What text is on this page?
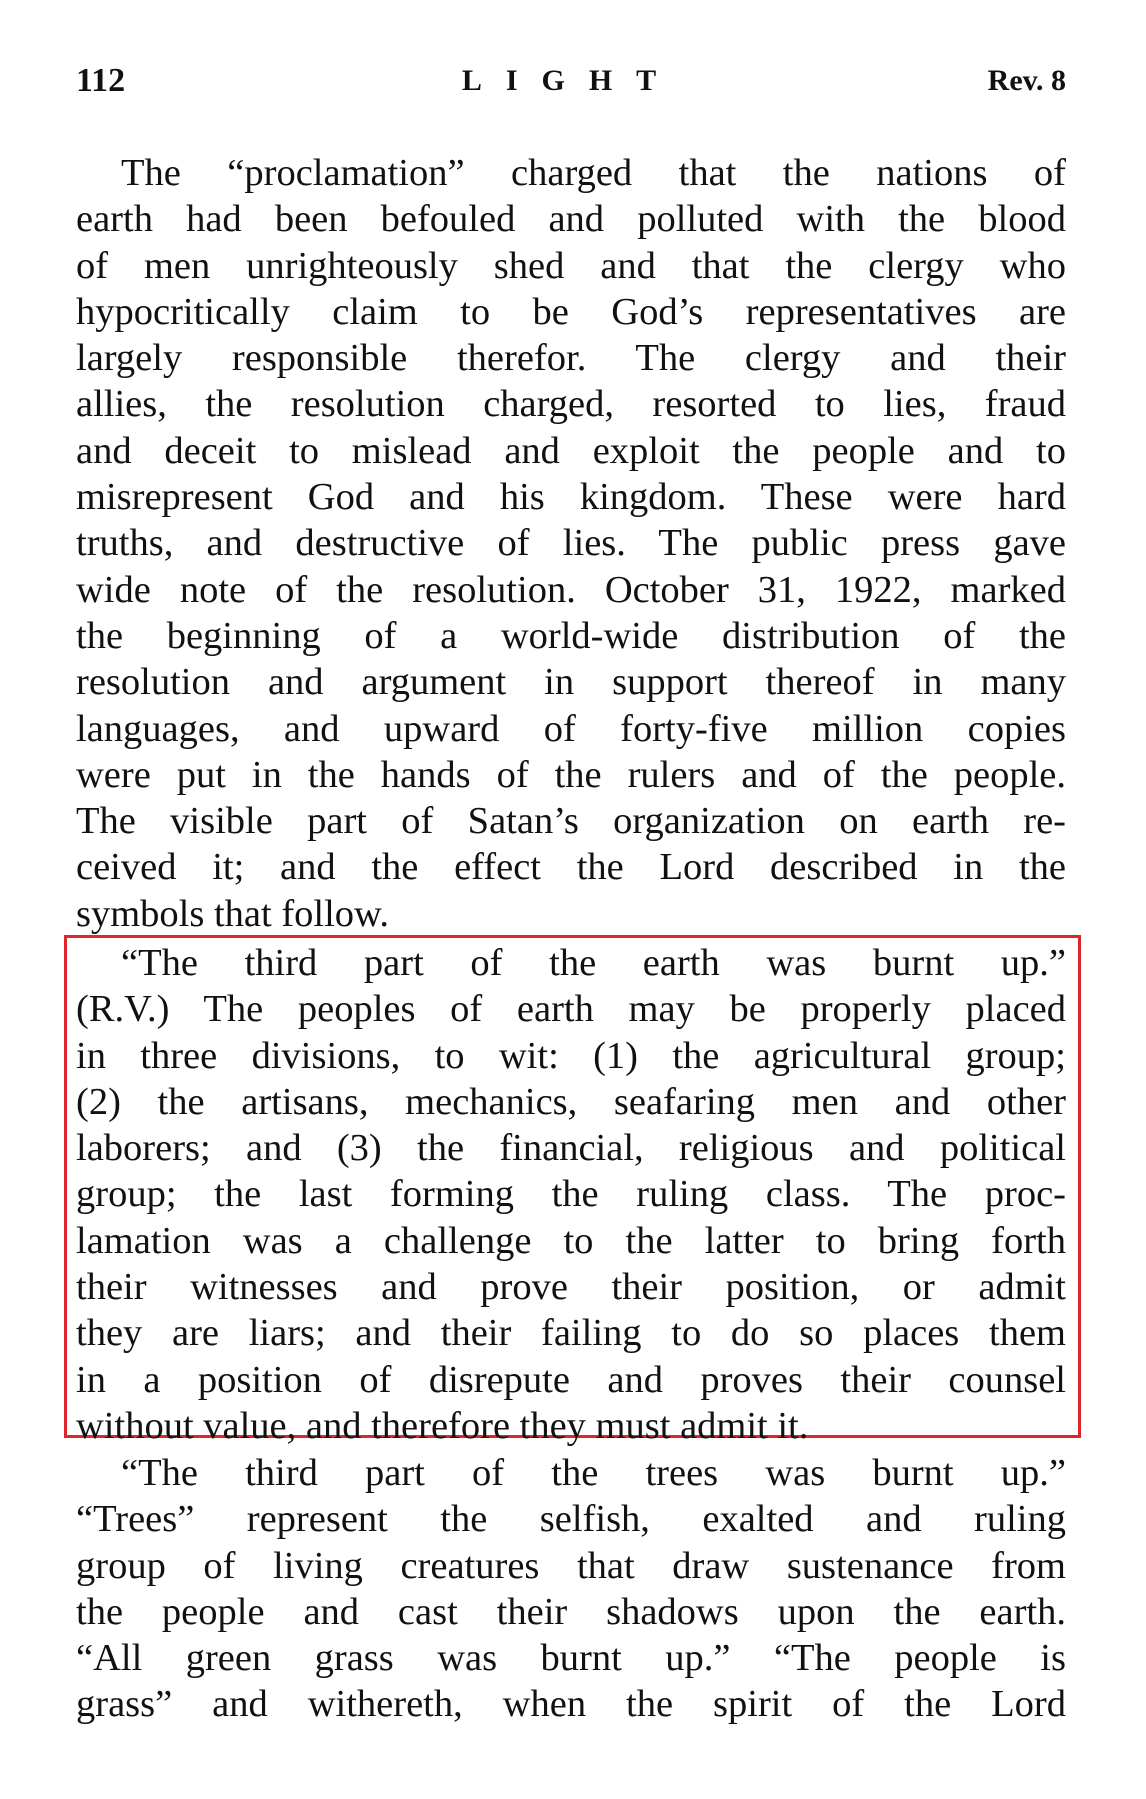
112	LIGHT	Rev. 8
The “proclamation” charged that the nations of
earth had been befouled and polluted with the blood
of men unrighteously shed and that the clergy who
hypocritically claim to be God’s representatives are
largely responsible therefor. The clergy and their
allies, the resolution charged, resorted to lies, fraud
and deceit to mislead and exploit the people and to
misrepresent God and his kingdom. These were hard
truths, and destructive of lies. The public press gave
wide note of the resolution. October 31, 1922, marked
the beginning of a world-wide distribution of the
resolution and argument in support thereof in many
languages, and upward of forty-five million copies
were put in the hands of the rulers and of the people.
The visible part of Satan’s organization on earth re-
ceived it; and the effect the Lord described in the
symbols that follow.
“The third part of the earth was burnt up.”
(R.V.) The peoples of earth may be properly placed
in three divisions, to wit: (1) the agricultural group;
(2) the artisans, mechanics, seafaring men and other
laborers; and (3) the financial, religious and political
group; the last forming the ruling class. The proc-
lamation was a challenge to the latter to bring forth
their witnesses and prove their position, or admit
they are liars; and their failing to do so places them
in a position of disrepute and proves their counsel
without value, and therefore they must admit it.
“The third part of the trees was burnt up.”
“Trees” represent the selfish, exalted and ruling
group of living creatures that draw sustenance from
the people and cast their shadows upon the earth.
“All green grass was burnt up.” “The people is
grass” and withereth, when the spirit of the Lord
